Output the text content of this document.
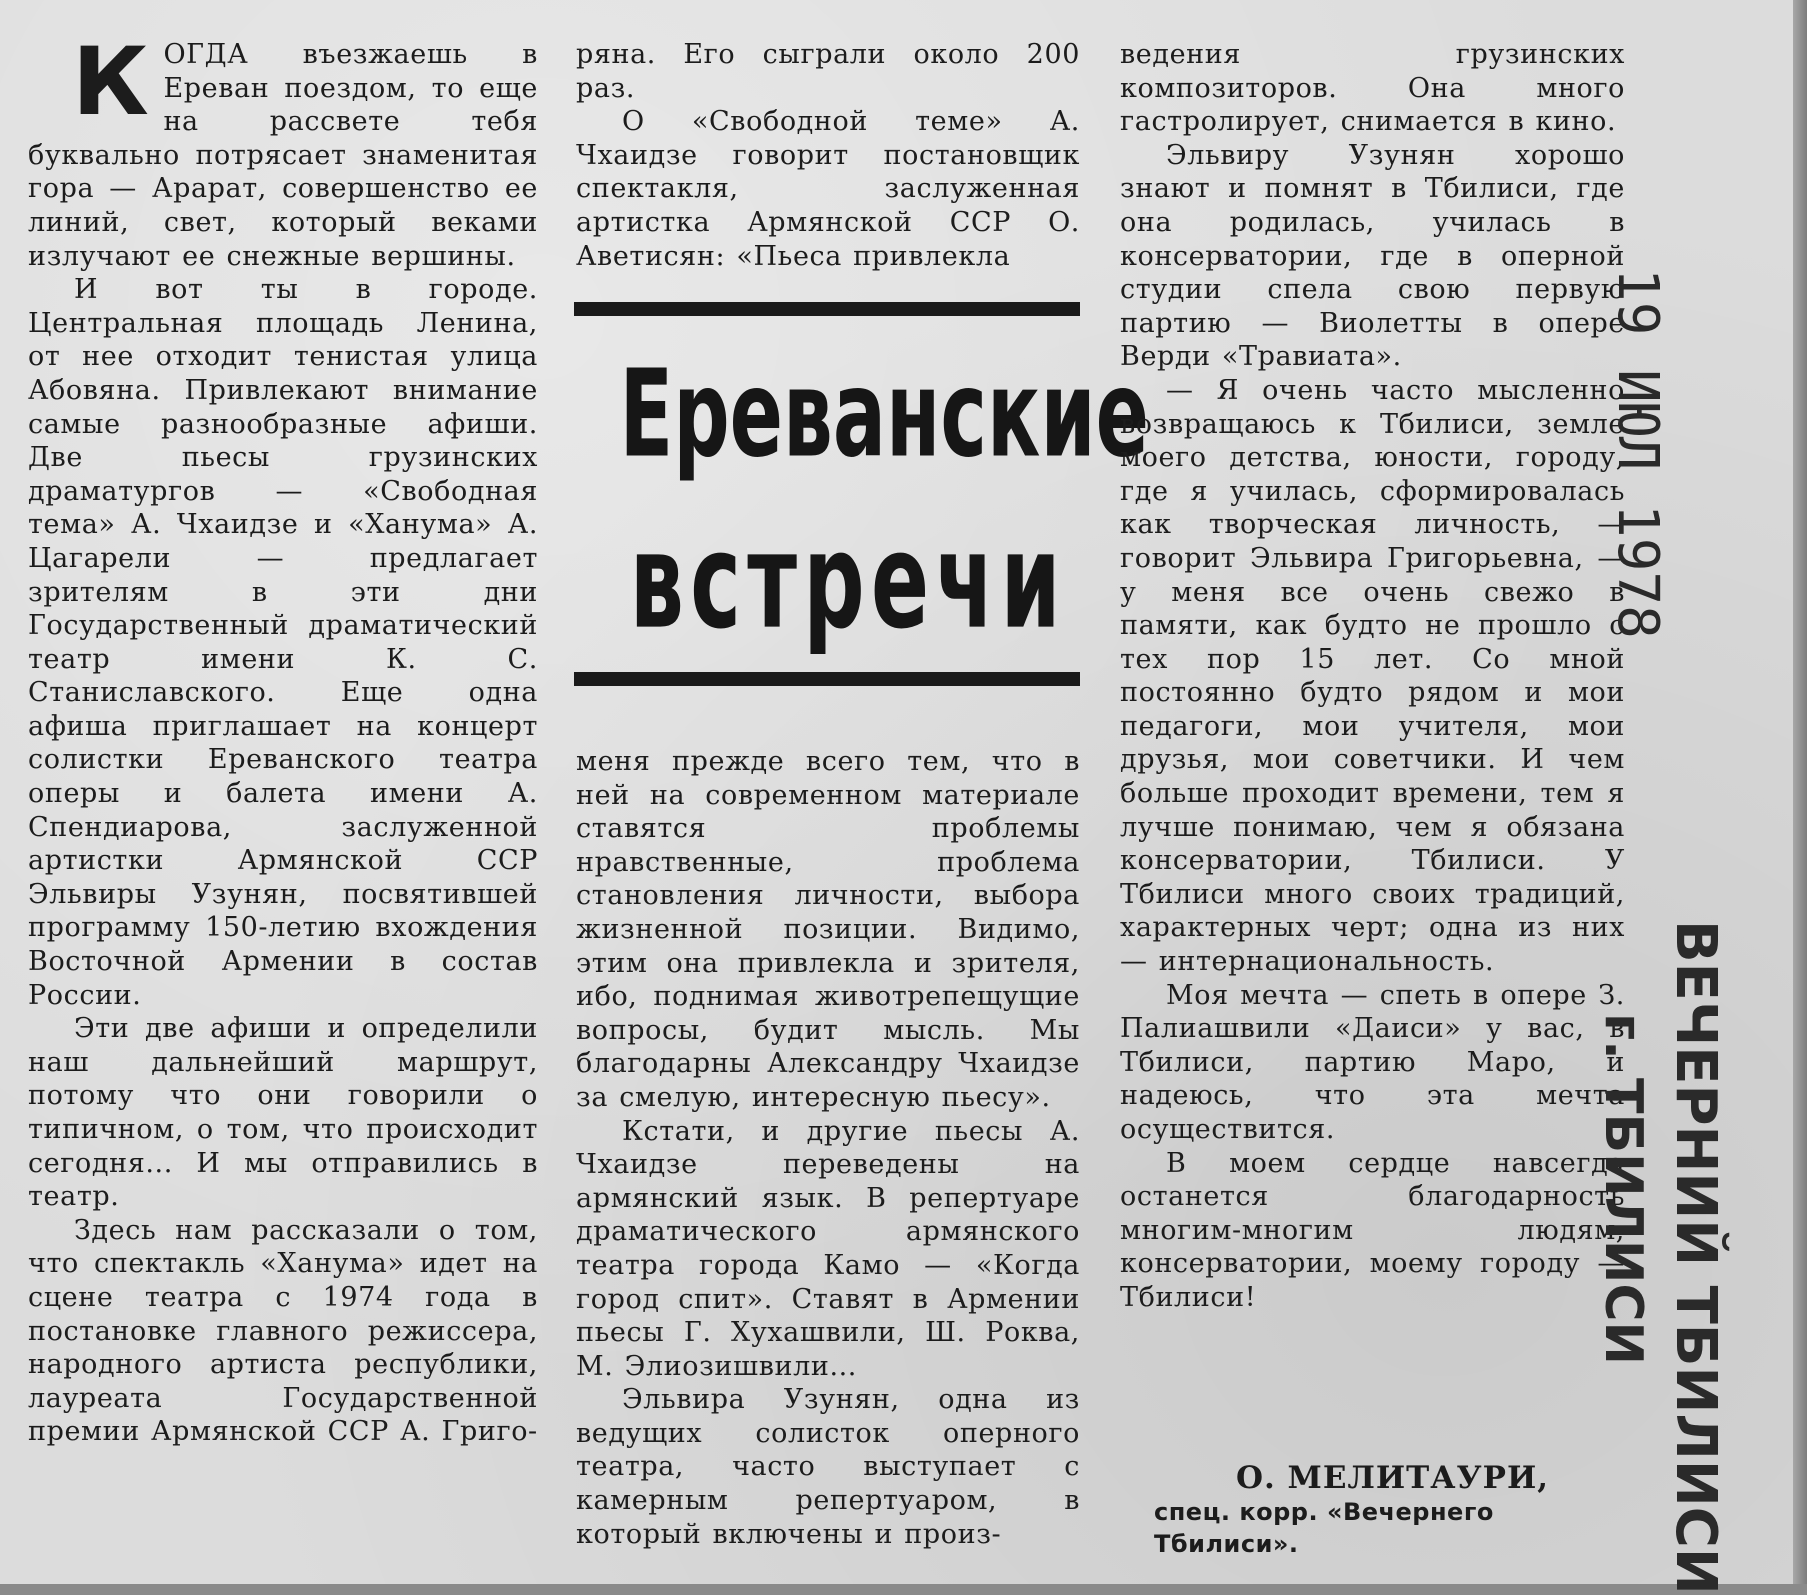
К ОГДА въезжаешь в Ереван поездом, то еще на рассвете тебя буквально потрясает знаменитая гора — Арарат, совершенство ее линий, свет, который веками излучают ее снежные вершины.

И вот ты в городе. Центральная площадь Ленина, от нее отходит тенистая улица Абовяна. Привлекают внимание самые разнообразные афиши. Две пьесы грузинских драматургов — «Свободная тема» А. Чхаидзе и «Ханума» А. Цагарели — предлагает зрителям в эти дни Государственный драматический театр имени К. С. Станиславского. Еще одна афиша приглашает на концерт солистки Ереванского театра оперы и балета имени А. Спендиарова, заслуженной артистки Армянской ССР Эльвиры Узунян, посвятившей программу 150-летию вхождения Восточной Армении в состав России.

Эти две афиши и определили наш дальнейший маршрут, потому что они говорили о типичном, о том, что происходит сегодня... И мы отправились в театр.

Здесь нам рассказали о том, что спектакль «Ханума» идет на сцене театра с 1974 года в постановке главного режиссера, народного артиста республики, лауреата Государственной премии Армянской ССР А. Григо-

ряна. Его сыграли около 200 раз.

О «Свободной теме» А. Чхаидзе говорит постановщик спектакля, заслуженная артистка Армянской ССР О. Аветисян: «Пьеса привлекла

меня прежде всего тем, что в ней на современном материале ставятся проблемы нравственные, проблема становления личности, выбора жизненной позиции. Видимо, этим она привлекла и зрителя, ибо, поднимая животрепещущие вопросы, будит мысль. Мы благодарны Александру Чхаидзе за смелую, интересную пьесу».

Кстати, и другие пьесы А. Чхаидзе переведены на армянский язык. В репертуаре драматического армянского театра города Камо — «Когда город спит». Ставят в Армении пьесы Г. Хухашвили, Ш. Роква, М. Элиозишвили...

Эльвира Узунян, одна из ведущих солисток оперного театра, часто выступает с камерным репертуаром, в который включены и произ-

Ереванские
встречи

ведения грузинских композиторов. Она много гастролирует, снимается в кино.

Эльвиру Узунян хорошо знают и помнят в Тбилиси, где она родилась, училась в консерватории, где в оперной студии спела свою первую партию — Виолетты в опере Верди «Травиата».

— Я очень часто мысленно возвращаюсь к Тбилиси, земле моего детства, юности, городу, где я училась, сформировалась как творческая личность, — говорит Эльвира Григорьевна, — у меня все очень свежо в памяти, как будто не прошло с тех пор 15 лет. Со мной постоянно будто рядом и мои педагоги, мои учителя, мои друзья, мои советчики. И чем больше проходит времени, тем я лучше понимаю, чем я обязана консерватории, Тбилиси. У Тбилиси много своих традиций, характерных черт; одна из них — интернациональность.

Моя мечта — спеть в опере З. Палиашвили «Даиси» у вас, в Тбилиси, партию Маро, и надеюсь, что эта мечта осуществится.

В моем сердце навсегда останется благодарность многим-многим людям, консерватории, моему городу — Тбилиси!

О. МЕЛИТАУРИ,
спец. корр. «Вечернего Тбилиси».
19 ИЮЛ 1978
ВЕЧЕРНИЙ ТБИЛИСИ
г. ТБИЛИСИ
